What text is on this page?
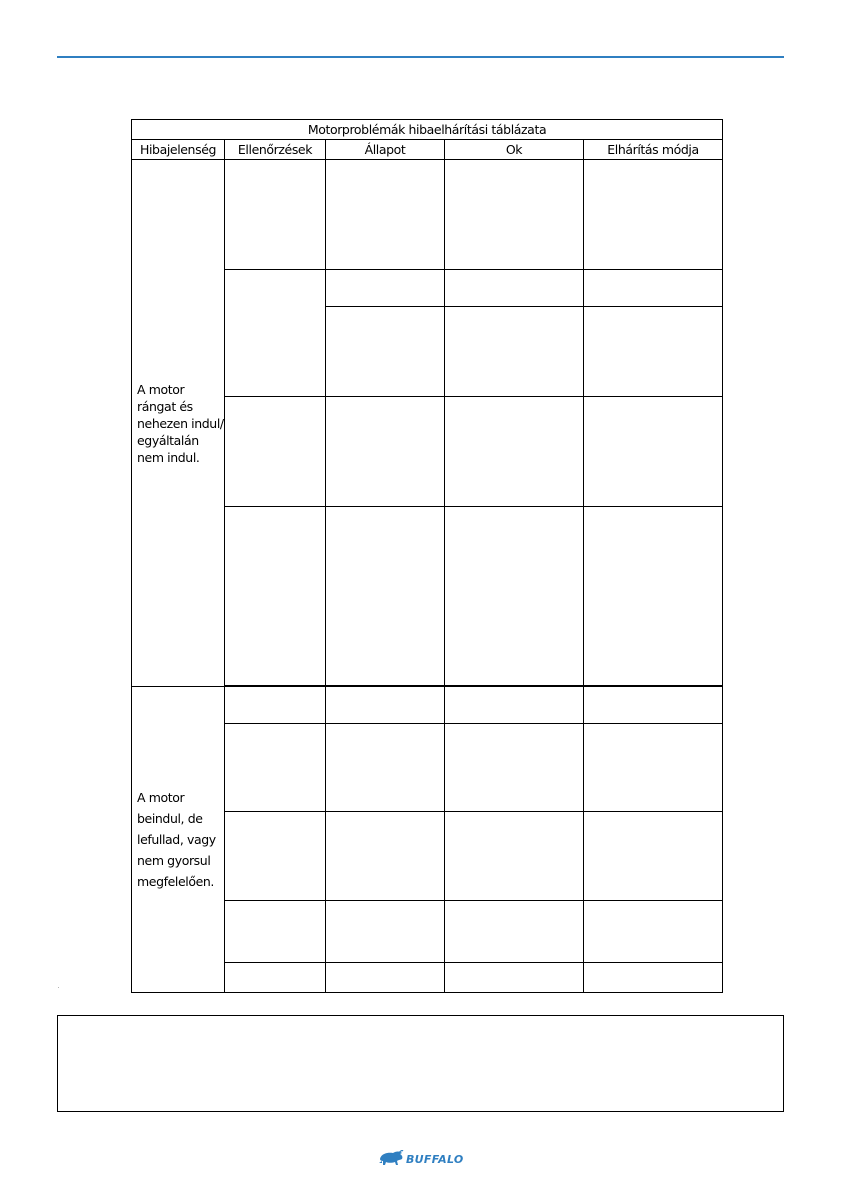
Motorproblémák hibaelhárítási táblázata				
Hibajelenség	Ellenőrzések	Állapot	Ok	Elhárítás módja

A motor
rángat és
nehezen indul/
egyáltalán
nem indul.				

A motor
beindul, de
lefullad, vagy
nem gyorsul
megfelelően.				

.
BUFFALO
